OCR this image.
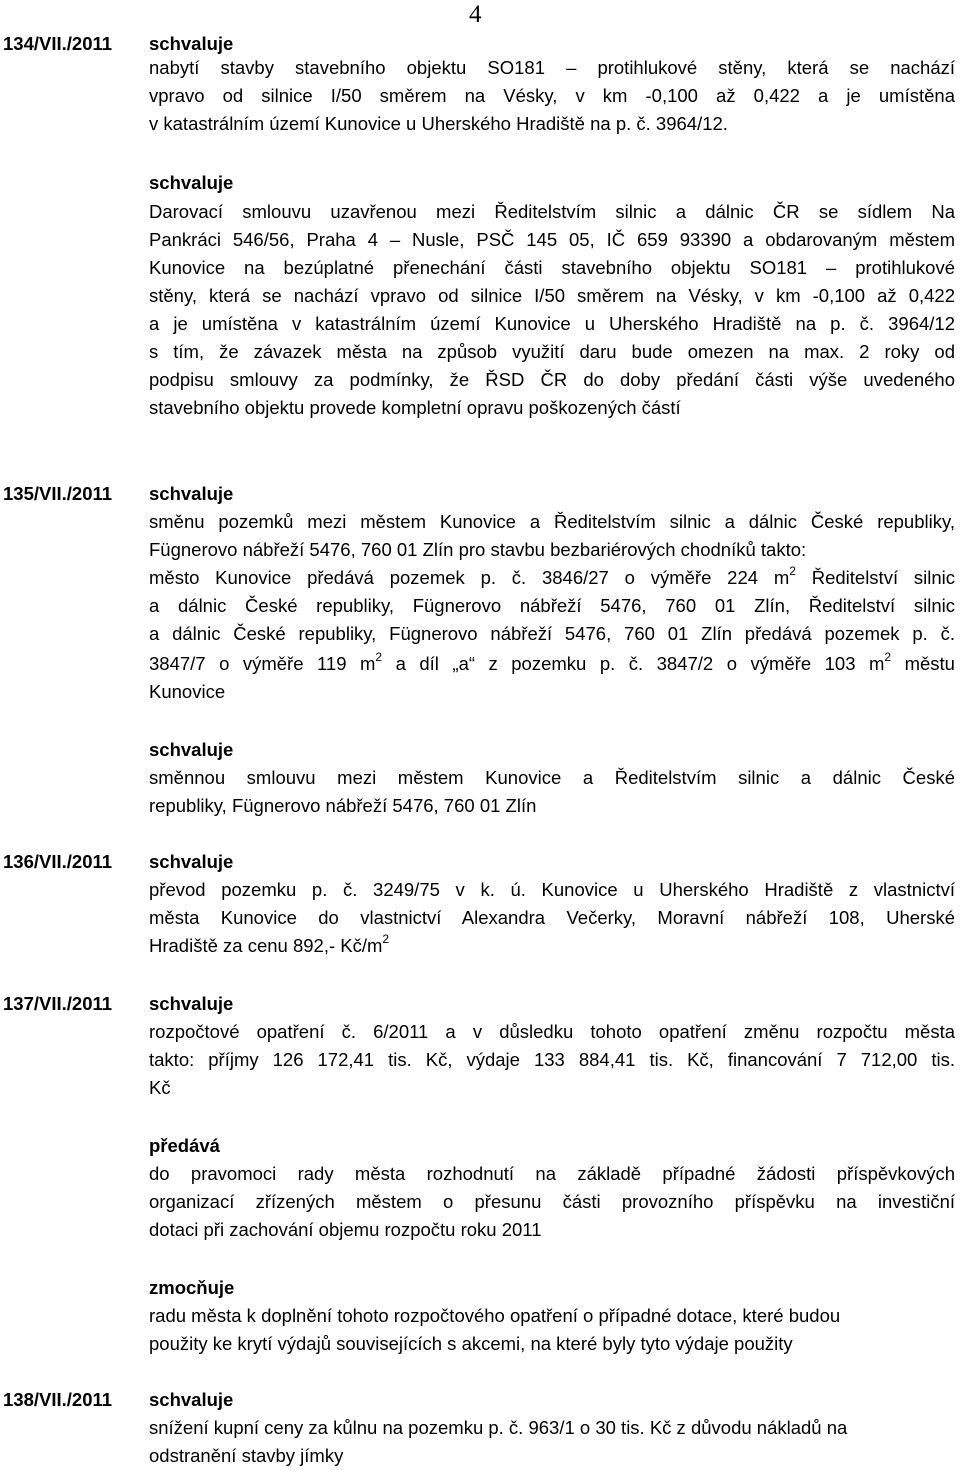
4
134/VII./2011 schvaluje
nabytí stavby stavebního objektu SO181 – protihlukové stěny, která se nachází
vpravo od silnice I/50 směrem na Vésky, v km -0,100 až 0,422 a je umístěna
v katastrálním území Kunovice u Uherského Hradiště na p. č. 3964/12.
schvaluje
Darovací smlouvu uzavřenou mezi Ředitelstvím silnic a dálnic ČR se sídlem Na
Pankráci 546/56, Praha 4 – Nusle, PSČ 145 05, IČ 659 93390 a obdarovaným městem
Kunovice na bezúplatné přenechání části stavebního objektu SO181 – protihlukové
stěny, která se nachází vpravo od silnice I/50 směrem na Vésky, v km -0,100 až 0,422
a je umístěna v katastrálním území Kunovice u Uherského Hradiště na p. č. 3964/12
s tím, že závazek města na způsob využití daru bude omezen na max. 2 roky od
podpisu smlouvy za podmínky, že ŘSD ČR do doby předání části výše uvedeného
stavebního objektu provede kompletní opravu poškozených částí
135/VII./2011 schvaluje
směnu pozemků mezi městem Kunovice a Ředitelstvím silnic a dálnic České republiky,
Fügnerovo nábřeží 5476, 760 01 Zlín pro stavbu bezbariérových chodníků takto:
město Kunovice předává pozemek p. č. 3846/27 o výměře 224 $m^2$ Ředitelství silnic
a dálnic České republiky, Fügnerovo nábřeží 5476, 760 01 Zlín, Ředitelství silnic
a dálnic České republiky, Fügnerovo nábřeží 5476, 760 01 Zlín předává pozemek p. č.
3847/7 o výměře 119 $m^2$ a díl „a“ z pozemku p. č. 3847/2 o výměře 103 $m^2$ městu
Kunovice
schvaluje
směnnou smlouvu mezi městem Kunovice a Ředitelstvím silnic a dálnic České
republiky, Fügnerovo nábřeží 5476, 760 01 Zlín
136/VII./2011 schvaluje
převod pozemku p. č. 3249/75 v k. ú. Kunovice u Uherského Hradiště z vlastnictví
města Kunovice do vlastnictví Alexandra Večerky, Moravní nábřeží 108, Uherské
Hradiště za cenu 892,- $Kč/m^2$
137/VII./2011 schvaluje
rozpočtové opatření č. 6/2011 a v důsledku tohoto opatření změnu rozpočtu města
takto: příjmy 126 172,41 tis. Kč, výdaje 133 884,41 tis. Kč, financování 7 712,00 tis.
Kč
předává
do pravomoci rady města rozhodnutí na základě případné žádosti příspěvkových
organizací zřízených městem o přesunu části provozního příspěvku na investiční
dotaci při zachování objemu rozpočtu roku 2011
zmocňuje
radu města k doplnění tohoto rozpočtového opatření o případné dotace, které budou
použity ke krytí výdajů souvisejících s akcemi, na které byly tyto výdaje použity
138/VII./2011 schvaluje
snížení kupní ceny za kůlnu na pozemku p. č. 963/1 o 30 tis. Kč z důvodu nákladů na
odstranění stavby jímky
